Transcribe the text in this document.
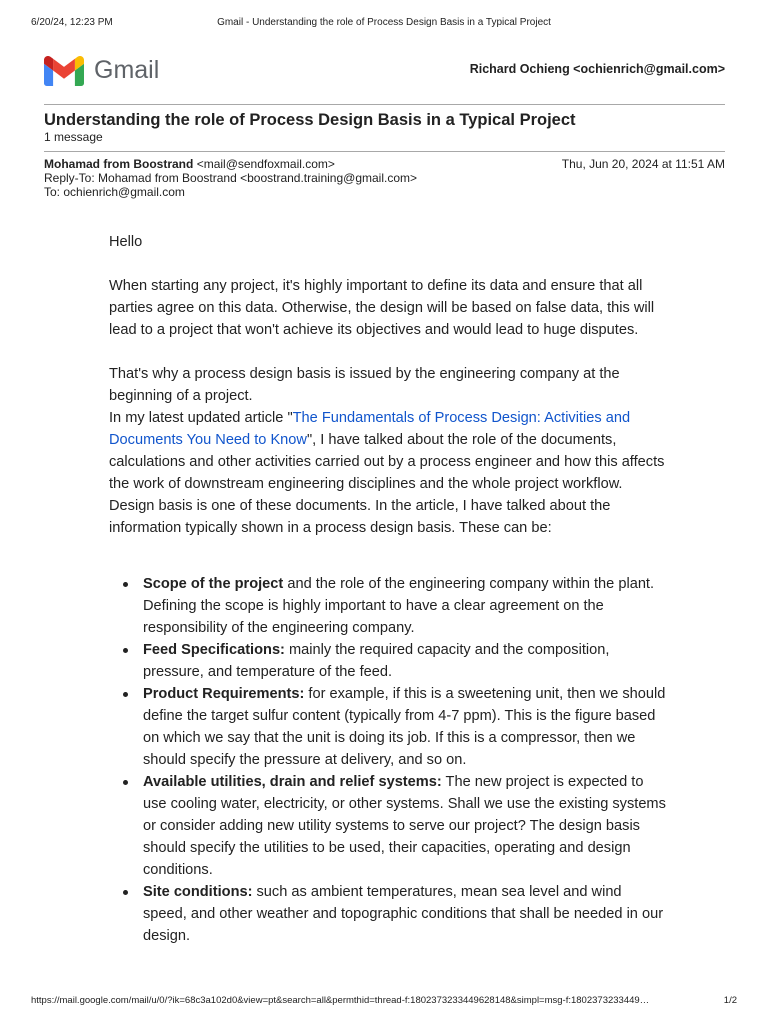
6/20/24, 12:23 PM	Gmail - Understanding the role of Process Design Basis in a Typical Project
Gmail	Richard Ochieng <ochienrich@gmail.com>
Understanding the role of Process Design Basis in a Typical Project
1 message
Mohamad from Boostrand <mail@sendfoxmail.com>
Reply-To: Mohamad from Boostrand <boostrand.training@gmail.com>
To: ochienrich@gmail.com
Thu, Jun 20, 2024 at 11:51 AM

Hello

When starting any project, it's highly important to define its data and ensure that all parties agree on this data. Otherwise, the design will be based on false data, this will lead to a project that won't achieve its objectives and would lead to huge disputes.

That's why a process design basis is issued by the engineering company at the beginning of a project.

In my latest updated article "The Fundamentals of Process Design: Activities and Documents You Need to Know", I have talked about the role of the documents, calculations and other activities carried out by a process engineer and how this affects the work of downstream engineering disciplines and the whole project workflow.

Design basis is one of these documents. In the article, I have talked about the information typically shown in a process design basis. These can be:

Scope of the project and the role of the engineering company within the plant. Defining the scope is highly important to have a clear agreement on the responsibility of the engineering company.
Feed Specifications: mainly the required capacity and the composition, pressure, and temperature of the feed.
Product Requirements: for example, if this is a sweetening unit, then we should define the target sulfur content (typically from 4-7 ppm). This is the figure based on which we say that the unit is doing its job. If this is a compressor, then we should specify the pressure at delivery, and so on.
Available utilities, drain and relief systems: The new project is expected to use cooling water, electricity, or other systems. Shall we use the existing systems or consider adding new utility systems to serve our project? The design basis should specify the utilities to be used, their capacities, operating and design conditions.
Site conditions: such as ambient temperatures, mean sea level and wind speed, and other weather and topographic conditions that shall be needed in our design.
https://mail.google.com/mail/u/0/?ik=68c3a102d0&view=pt&search=all&permthid=thread-f:1802373233449628148&simpl=msg-f:1802373233449…	1/2
